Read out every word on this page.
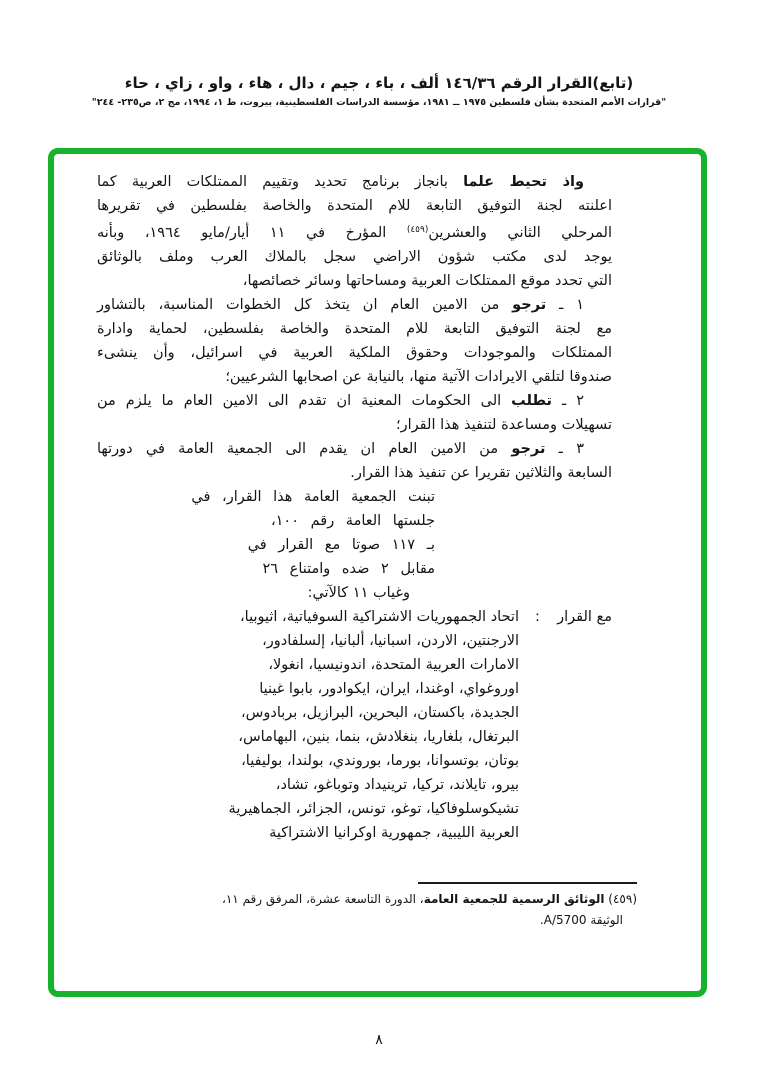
(تابع)القرار الرقم ١٤٦/٣٦ ألف ، باء ، جيم ، دال ، هاء ، واو ، زاي ، حاء
"قرارات الأمم المتحدة بشأن فلسطين ١٩٧٥ ــ ١٩٨١، مؤسسة الدراسات الفلسطينية، بيروت، ط ١، ١٩٩٤، مج ٢، ص٢٣٥- ٢٤٤"
واذ تحيط علما بانجاز برنامج تحديد وتقييم الممتلكات العربية كما
اعلنته لجنة التوفيق التابعة للام المتحدة والخاصة بفلسطين في تقريرها
المرحلي الثاني والعشرين$^{(٤٥٩)}$ المؤرخ في ١١ أيار/مايو ١٩٦٤، وبأنه
يوجد لدى مكتب شؤون الاراضي سجل بالملاك العرب وملف بالوثائق
التي تحدد موقع الممتلكات العربية ومساحاتها وسائر خصائصها،
١ ـ ترجو من الامين العام ان يتخذ كل الخطوات المناسبة، بالتشاور
مع لجنة التوفيق التابعة للام المتحدة والخاصة بفلسطين، لحماية وادارة
الممتلكات والموجودات وحقوق الملكية العربية في اسرائيل، وأن ينشىء
صندوقا لتلقي الايرادات الآتية منها، بالنيابة عن اصحابها الشرعيين؛
٢ ـ تطلب الى الحكومات المعنية ان تقدم الى الامين العام ما يلزم من
تسهيلات ومساعدة لتنفيذ هذا القرار؛
٣ ـ ترجو من الامين العام ان يقدم الى الجمعية العامة في دورتها
السابعة والثلاثين تقريرا عن تنفيذ هذا القرار.
تبنت الجمعية العامة هذا القرار، في
جلستها العامة رقم ١٠٠،
بـ ١١٧ صوتا مع القرار في
مقابل ٢ ضده وامتناع ٢٦
وغياب ١١ كالآتي:
مع القرار
:
اتحاد الجمهوريات الاشتراكية السوفياتية، اثيوبيا،
الارجنتين، الاردن، اسبانيا، ألبانيا، إلسلفادور،
الامارات العربية المتحدة، اندونيسيا، انغولا،
اوروغواي، اوغندا، ايران، ايكوادور، بابوا غينيا
الجديدة، باكستان، البحرين، البرازيل، بربادوس،
البرتغال، بلغاريا، بنغلادش، بنما، بنين، البهاماس،
بوتان، بوتسوانا، بورما، بوروندي، بولندا، بوليفيا،
بيرو، تايلاند، تركيا، ترينيداد وتوباغو، تشاد،
تشيكوسلوفاكيا، توغو، تونس، الجزائر، الجماهيرية
العربية الليبية، جمهورية اوكرانيا الاشتراكية
(٤٥٩) الوثائق الرسمية للجمعية العامة، الدورة التاسعة عشرة، المرفق رقم ١١،
الوثيقة A/5700.
٨
